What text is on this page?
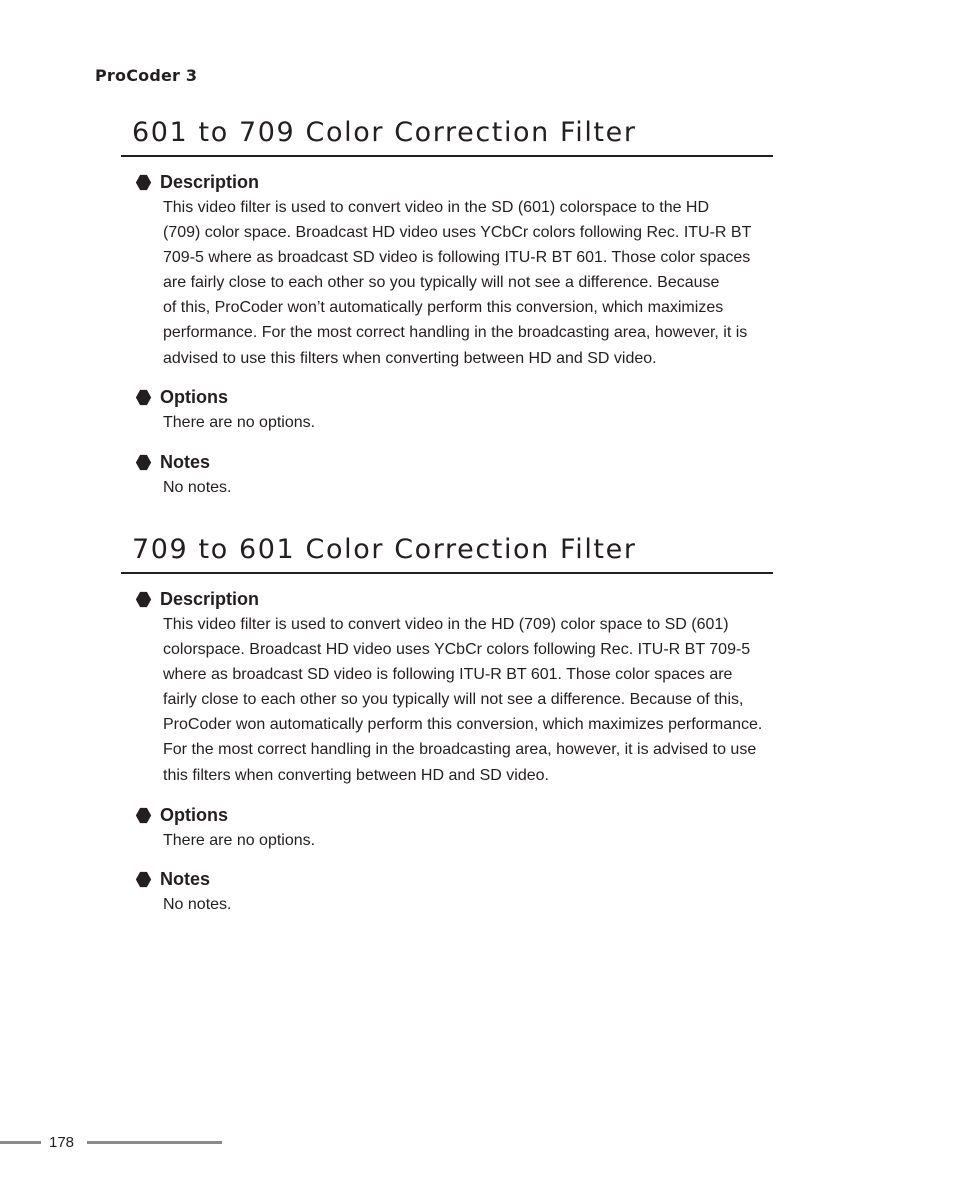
ProCoder 3
601 to 709 Color Correction Filter
Description
This video filter is used to convert video in the SD (601) colorspace to the HD
(709) color space. Broadcast HD video uses YCbCr colors following Rec. ITU-R BT
709-5 where as broadcast SD video is following ITU-R BT 601. Those color spaces
are fairly close to each other so you typically will not see a difference. Because
of this, ProCoder won’t automatically perform this conversion, which maximizes
performance. For the most correct handling in the broadcasting area, however, it is
advised to use this filters when converting between HD and SD video.
Options
There are no options.
Notes
No notes.
709 to 601 Color Correction Filter
Description
This video filter is used to convert video in the HD (709) color space to SD (601)
colorspace. Broadcast HD video uses YCbCr colors following Rec. ITU-R BT 709-5
where as broadcast SD video is following ITU-R BT 601. Those color spaces are
fairly close to each other so you typically will not see a difference. Because of this,
ProCoder won automatically perform this conversion, which maximizes performance.
For the most correct handling in the broadcasting area, however, it is advised to use
this filters when converting between HD and SD video.
Options
There are no options.
Notes
No notes.
178
